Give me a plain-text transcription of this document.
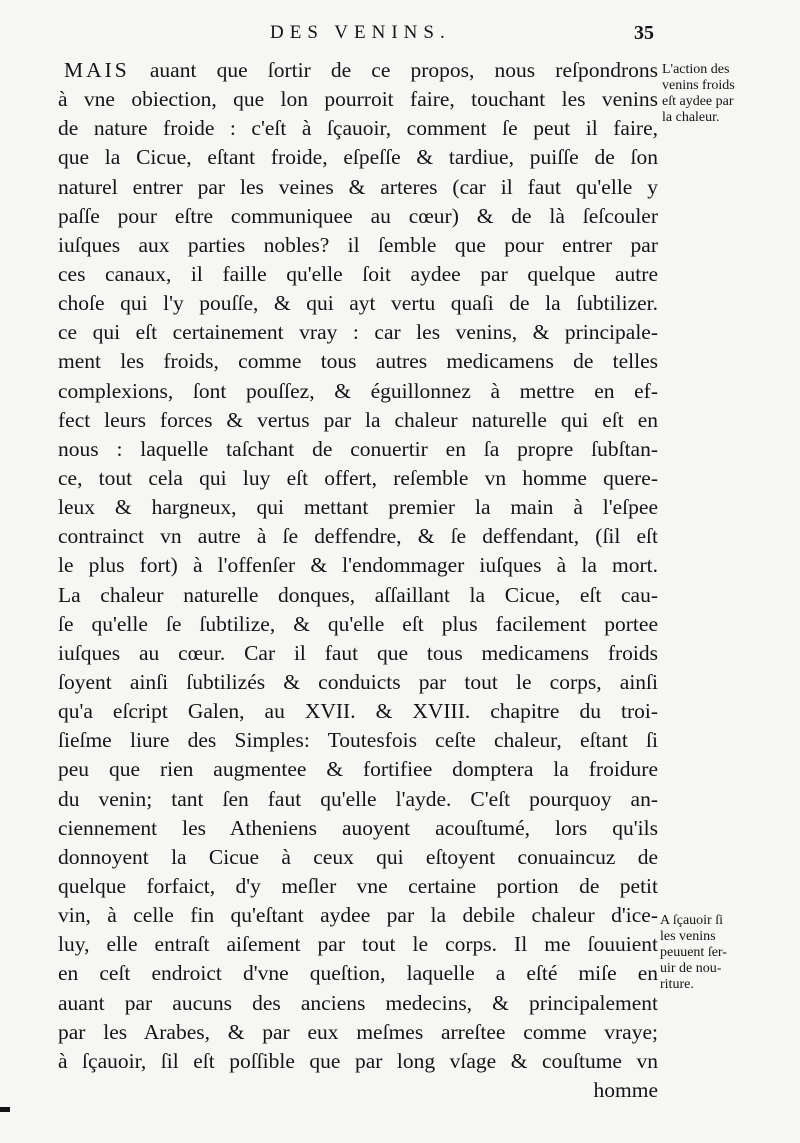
DES VENINS.	35
MAIS auant que ſortir de ce propos, nous reſpondrons
à vne obiection, que lon pourroit faire, touchant les venins
de nature froide : c'eſt à ſçauoir, comment ſe peut il faire,
que la Cicue, eſtant froide, eſpeſſe & tardiue, puiſſe de ſon
naturel entrer par les veines & arteres (car il faut qu'elle y
paſſe pour eſtre communiquee au cœur) & de là ſeſcouler
iuſques aux parties nobles? il ſemble que pour entrer par
ces canaux, il faille qu'elle ſoit aydee par quelque autre
choſe qui l'y pouſſe, & qui ayt vertu quaſi de la ſubtilizer.
ce qui eſt certainement vray : car les venins, & principale-
ment les froids, comme tous autres medicamens de telles
complexions, ſont pouſſez, & éguillonnez à mettre en ef-
fect leurs forces & vertus par la chaleur naturelle qui eſt en
nous : laquelle taſchant de conuertir en ſa propre ſubſtan-
ce, tout cela qui luy eſt offert, reſemble vn homme quere-
leux & hargneux, qui mettant premier la main à l'eſpee
contrainct vn autre à ſe deffendre, & ſe deffendant, (ſil eſt
le plus fort) à l'offenſer & l'endommager iuſques à la mort.
La chaleur naturelle donques, aſſaillant la Cicue, eſt cau-
ſe qu'elle ſe ſubtilize, & qu'elle eſt plus facilement portee
iuſques au cœur. Car il faut que tous medicamens froids
ſoyent ainſi ſubtilizés & conduicts par tout le corps, ainſi
qu'a eſcript Galen, au XVII. & XVIII. chapitre du troi-
ſieſme liure des Simples: Toutesfois ceſte chaleur, eſtant ſi
peu que rien augmentee & fortifiee domptera la froidure
du venin; tant ſen faut qu'elle l'ayde. C'eſt pourquoy an-
ciennement les Atheniens auoyent acouſtumé, lors qu'ils
donnoyent la Cicue à ceux qui eſtoyent conuaincuz de
quelque forfaict, d'y meſler vne certaine portion de petit
vin, à celle fin qu'eſtant aydee par la debile chaleur d'ice-
luy, elle entraſt aiſement par tout le corps. Il me ſouuient
en ceſt endroict d'vne queſtion, laquelle a eſté miſe en
auant par aucuns des anciens medecins, & principalement
par les Arabes, & par eux meſmes arreſtee comme vraye;
à ſçauoir, ſil eſt poſſible que par long vſage & couſtume vn
homme
L'action des
venins froids
eſt aydee par
la chaleur.
A ſçauoir ſi
les venins
peuuent ſer-
uir de nou-
riture.
